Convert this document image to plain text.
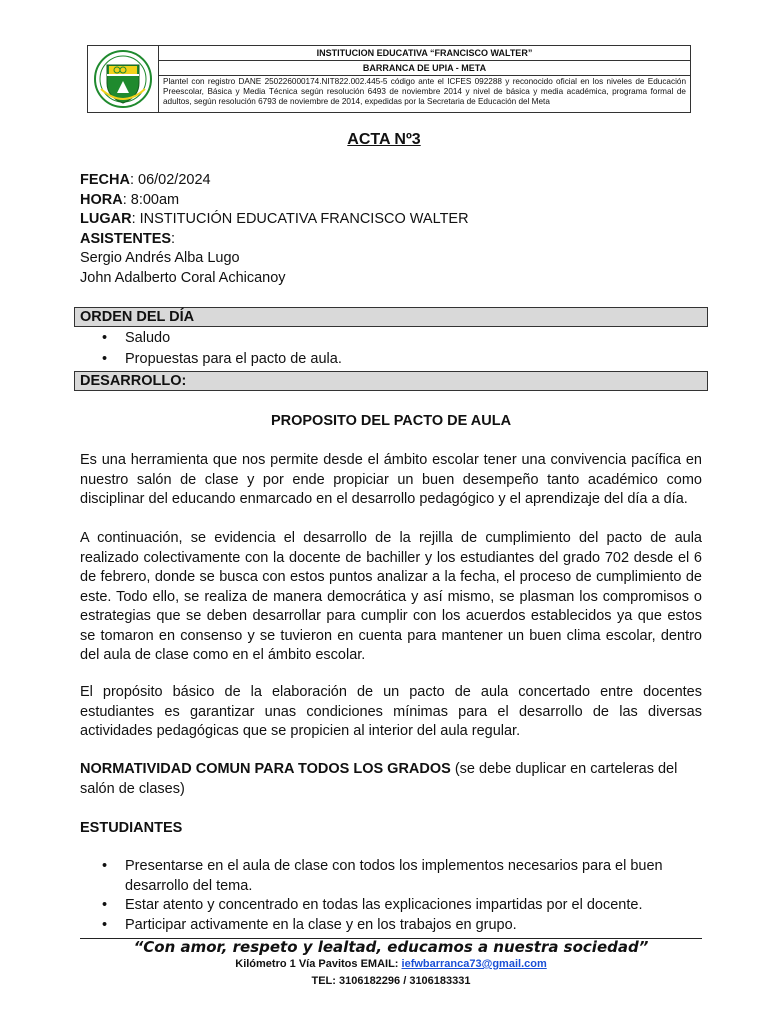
INSTITUCION EDUCATIVA “FRANCISCO WALTER”
BARRANCA DE UPIA - META
Plantel con registro DANE 250226000174.NIT822.002.445-5 código ante el ICFES 092288 y reconocido oficial en los niveles de Educación Preescolar, Básica y Media Técnica según resolución 6493 de noviembre 2014 y nivel de básica y media académica, programa formal de adultos, según resolución 6793 de noviembre de 2014, expedidas por la Secretaria de Educación del Meta
ACTA Nº3
FECHA: 06/02/2024
HORA: 8:00am
LUGAR: INSTITUCIÓN EDUCATIVA FRANCISCO WALTER
ASISTENTES:
Sergio Andrés Alba Lugo
John Adalberto Coral Achicanoy
ORDEN DEL DÍA
• Saludo
• Propuestas para el pacto de aula.
DESARROLLO:
PROPOSITO DEL PACTO DE AULA

Es una herramienta que nos permite desde el ámbito escolar tener una convivencia pacífica en nuestro salón de clase y por ende propiciar un buen desempeño tanto académico como disciplinar del educando enmarcado en el desarrollo pedagógico y el aprendizaje del día a día.

A continuación, se evidencia el desarrollo de la rejilla de cumplimiento del pacto de aula realizado colectivamente con la docente de bachiller y los estudiantes del grado 702 desde el 6 de febrero, donde se busca con estos puntos analizar a la fecha, el proceso de cumplimiento de este. Todo ello, se realiza de manera democrática y así mismo, se plasman los compromisos o estrategias que se deben desarrollar para cumplir con los acuerdos establecidos ya que estos se tomaron en consenso y se tuvieron en cuenta para mantener un buen clima escolar, dentro del aula de clase como en el ámbito escolar.

El propósito básico de la elaboración de un pacto de aula concertado entre docentes estudiantes es garantizar unas condiciones mínimas para el desarrollo de las diversas actividades pedagógicas que se propicien al interior del aula regular.

NORMATIVIDAD COMUN PARA TODOS LOS GRADOS (se debe duplicar en carteleras del salón de clases)

ESTUDIANTES
• Presentarse en el aula de clase con todos los implementos necesarios para el buen desarrollo del tema.
• Estar atento y concentrado en todas las explicaciones impartidas por el docente.
• Participar activamente en la clase y en los trabajos en grupo.
“Con amor, respeto y lealtad, educamos a nuestra sociedad”
Kilómetro 1 Vía Pavitos EMAIL: iefwbarranca73@gmail.com
TEL: 3106182296 / 3106183331
